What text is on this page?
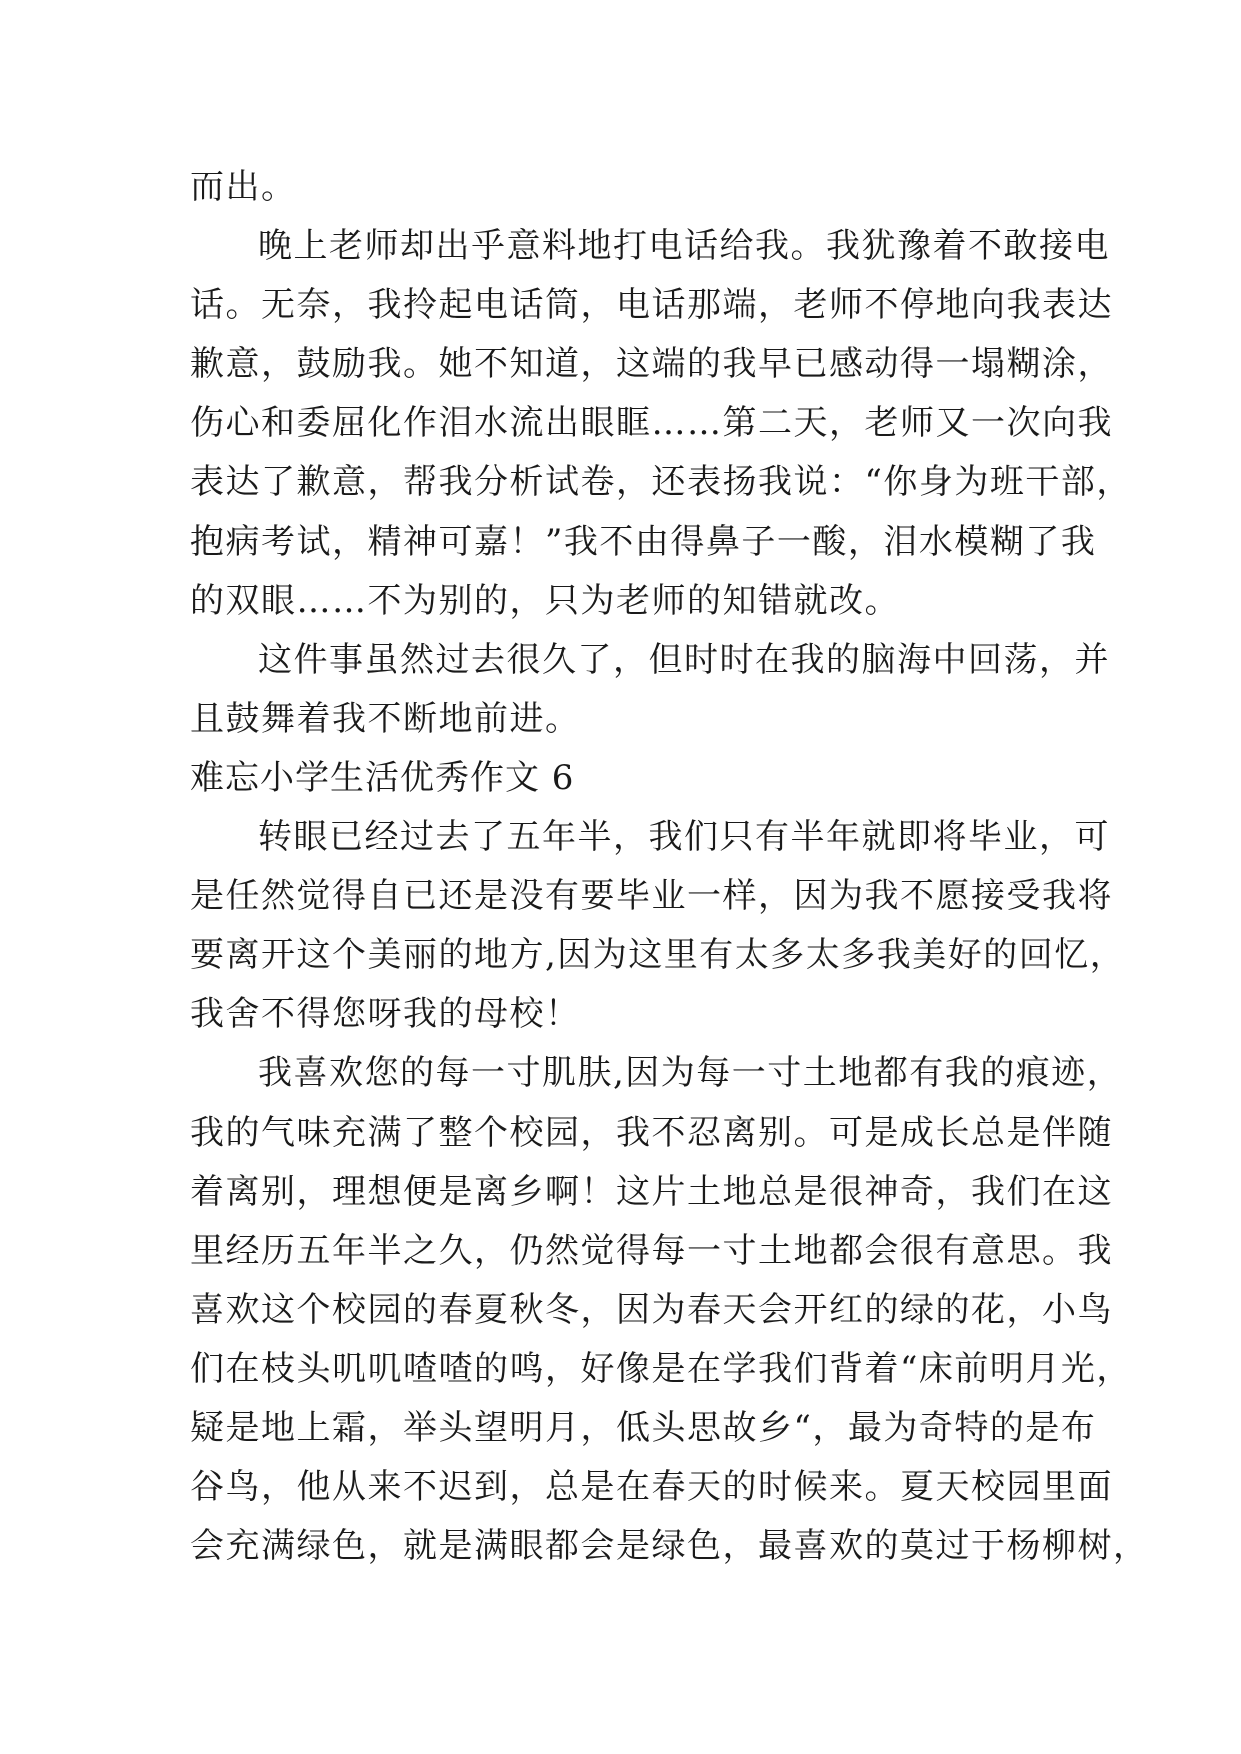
而出。
晚上老师却出乎意料地打电话给我。我犹豫着不敢接电
话。无奈，我拎起电话筒，电话那端，老师不停地向我表达
歉意，鼓励我。她不知道，这端的我早已感动得一塌糊涂，
伤心和委屈化作泪水流出眼眶……第二天，老师又一次向我
表达了歉意，帮我分析试卷，还表扬我说：“你身为班干部，
抱病考试，精神可嘉！”我不由得鼻子一酸，泪水模糊了我
的双眼……不为别的，只为老师的知错就改。
这件事虽然过去很久了，但时时在我的脑海中回荡，并
且鼓舞着我不断地前进。
难忘小学生活优秀作文 6
转眼已经过去了五年半，我们只有半年就即将毕业，可
是任然觉得自已还是没有要毕业一样，因为我不愿接受我将
要离开这个美丽的地方,因为这里有太多太多我美好的回忆，
我舍不得您呀我的母校！
我喜欢您的每一寸肌肤,因为每一寸土地都有我的痕迹，
我的气味充满了整个校园，我不忍离别。可是成长总是伴随
着离别，理想便是离乡啊！这片土地总是很神奇，我们在这
里经历五年半之久，仍然觉得每一寸土地都会很有意思。我
喜欢这个校园的春夏秋冬，因为春天会开红的绿的花，小鸟
们在枝头叽叽喳喳的鸣，好像是在学我们背着“床前明月光，
疑是地上霜，举头望明月，低头思故乡“，最为奇特的是布
谷鸟，他从来不迟到，总是在春天的时候来。夏天校园里面
会充满绿色，就是满眼都会是绿色，最喜欢的莫过于杨柳树，
